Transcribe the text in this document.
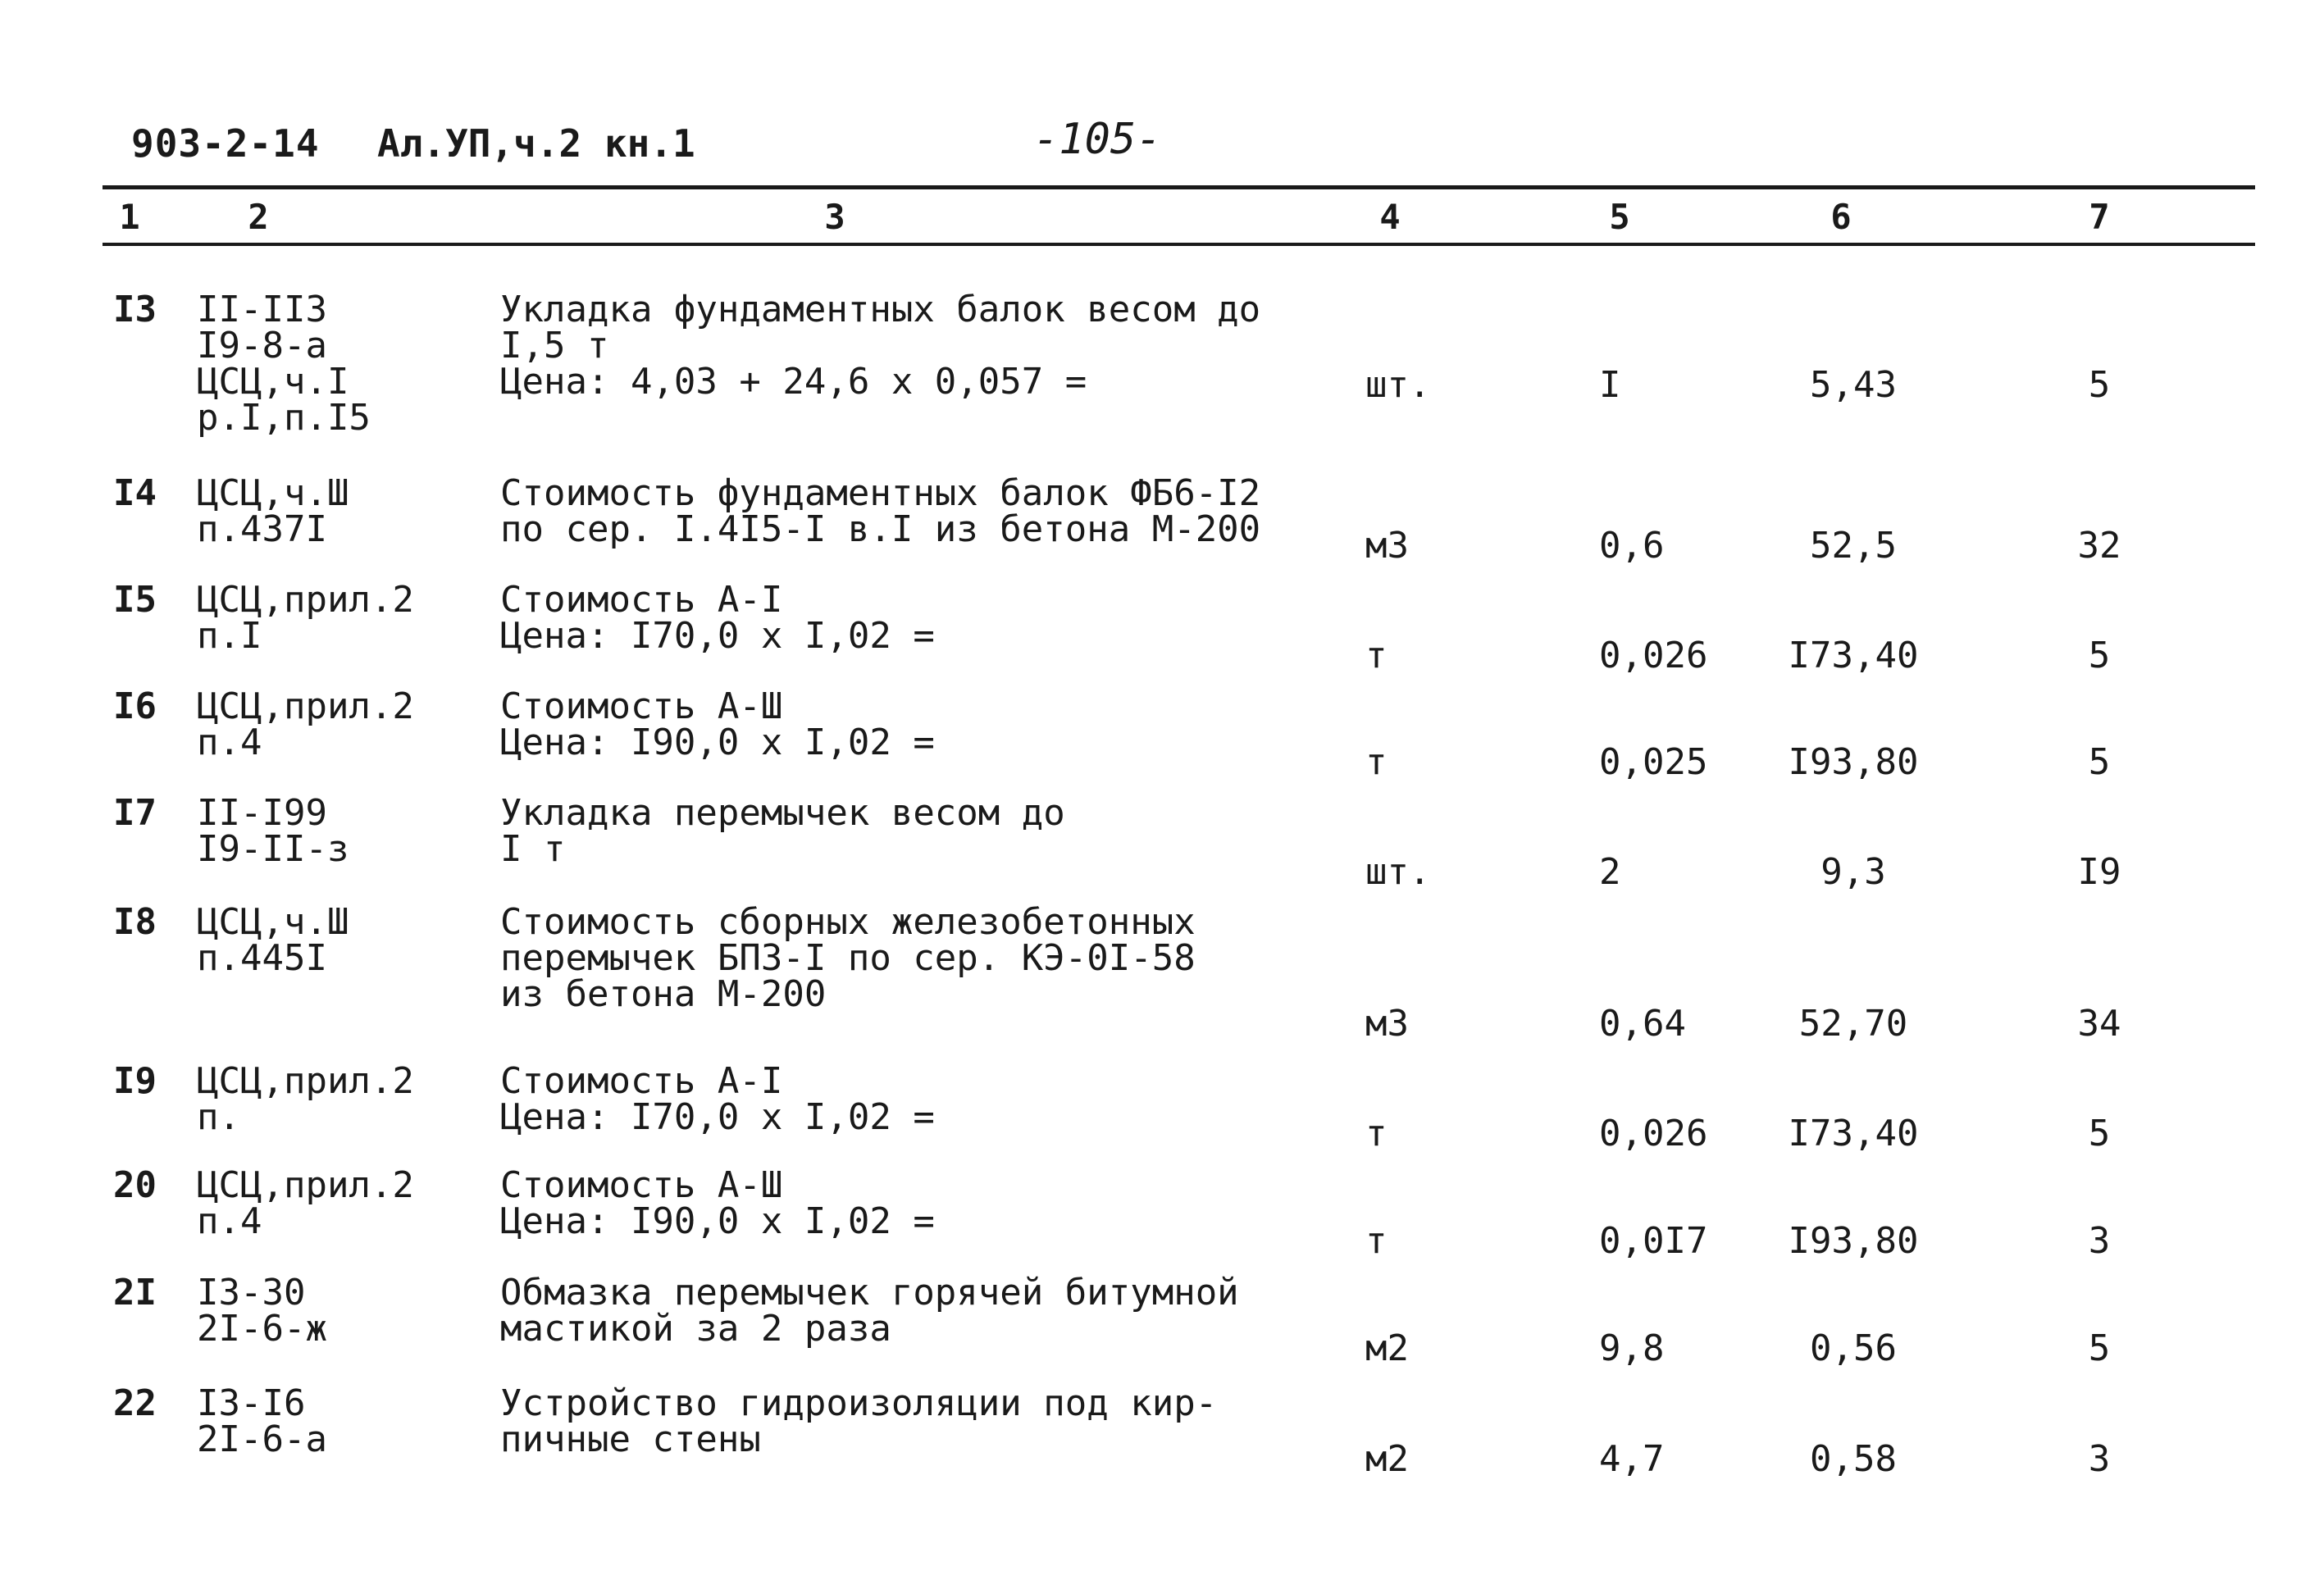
903-2-14 Ал.УП,ч.2 кн.1	-105-
1	2	3	4	5	6	7
I3 II-II3
I9-8-а
ЦСЦ,ч.I
р.I,п.I5
Укладка фундаментных балок весом до
I,5 т
Цена: 4,03 + 24,6 х 0,057 =	шт.	I	5,43	5
I4 ЦСЦ,ч.Ш
п.437I
Стоимость фундаментных балок ФБ6-I2
по сер. I.4I5-I в.I из бетона М-200	м3	0,6	52,5	32
I5 ЦСЦ,прил.2
п.I
Стоимость А-I
Цена: I70,0 х I,02 =	т	0,026	I73,40	5
I6 ЦСЦ,прил.2
п.4
Стоимость А-Ш
Цена: I90,0 х I,02 =	т	0,025	I93,80	5
I7 II-I99
I9-II-з
Укладка перемычек весом до
I т
шт.	2	9,3	I9
I8 ЦСЦ,ч.Ш
п.445I
Стоимость сборных железобетонных
перемычек БПЗ-I по сер. КЭ-0I-58
из бетона М-200
м3	0,64	52,70	34
I9 ЦСЦ,прил.2
п.
Стоимость А-I
Цена: I70,0 х I,02 =	т	0,026	I73,40	5
20 ЦСЦ,прил.2
п.4
Стоимость А-Ш
Цена: I90,0 х I,02 =	т	0,0I7	I93,80	3
2I I3-30
2I-6-ж
Обмазка перемычек горячей битумной
мастикой за 2 раза	м2	9,8	0,56	5
22 I3-I6
2I-6-а
Устройство гидроизоляции под кир-
пичные стены	м2	4,7	0,58	3
